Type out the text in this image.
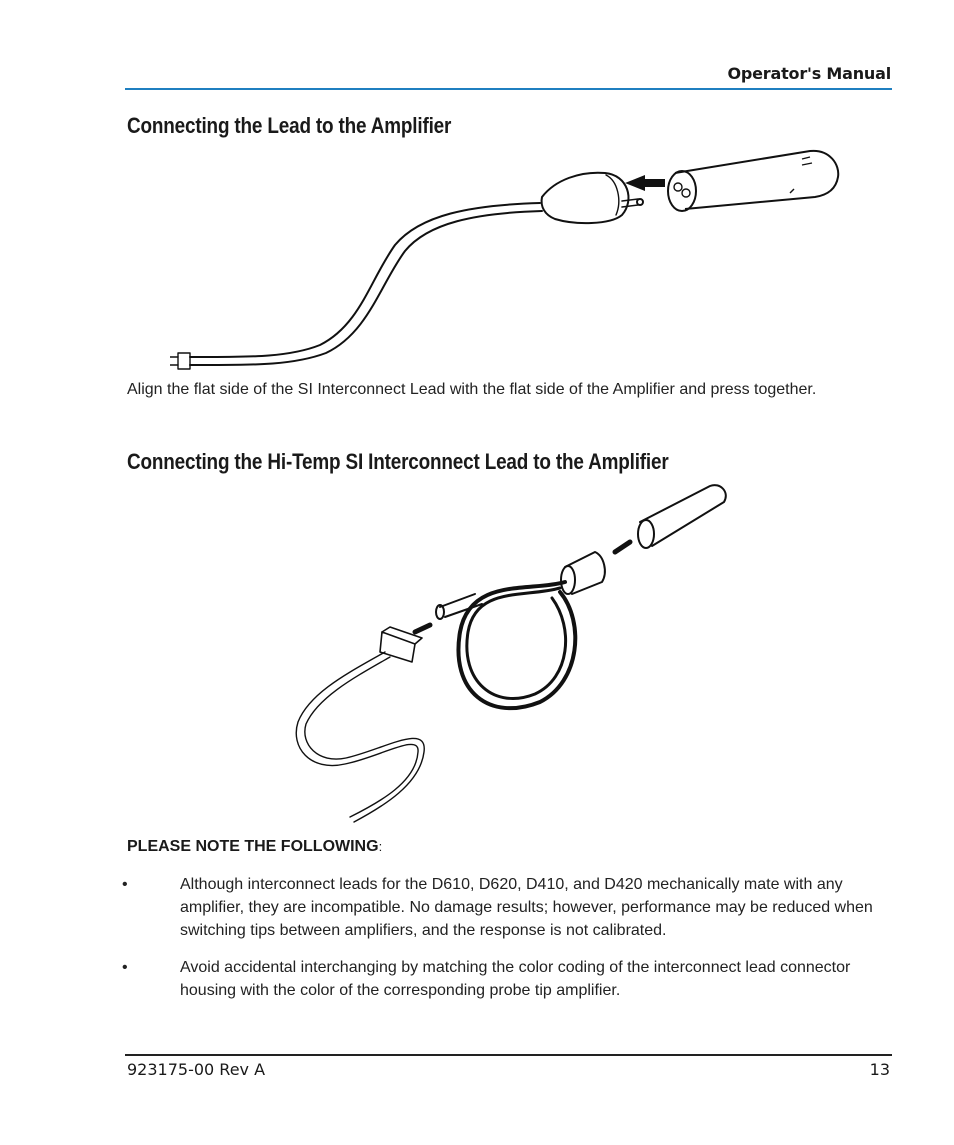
Operator's Manual
Connecting the Lead to the Amplifier
Align the flat side of the SI Interconnect Lead with the flat side of the Amplifier and press together.
Connecting the Hi-Temp SI Interconnect Lead to the Amplifier
PLEASE NOTE THE FOLLOWING:
•	Although interconnect leads for the D610, D620, D410, and D420 mechanically mate with any amplifier, they are incompatible. No damage results; however, performance may be reduced when switching tips between amplifiers, and the response is not calibrated.
•	Avoid accidental interchanging by matching the color coding of the interconnect lead connector housing with the color of the corresponding probe tip amplifier.
923175-00 Rev A	13
